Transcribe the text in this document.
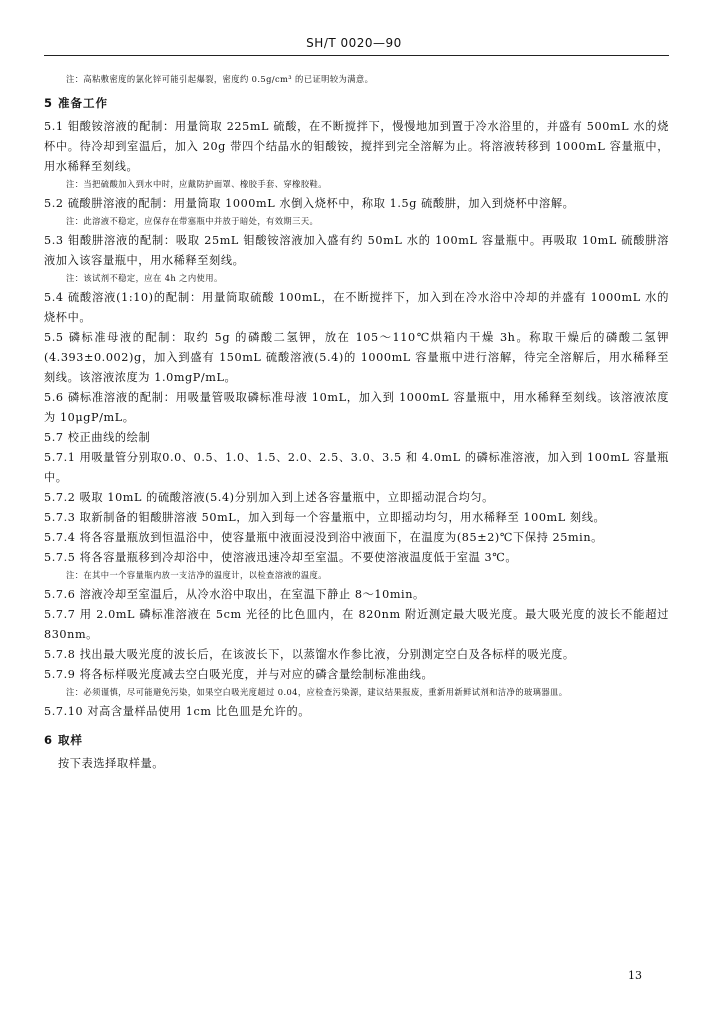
SH/T 0020—90

注：高粘敷密度的氯化锌可能引起爆裂，密度约 0.5g/cm³ 的已证明较为满意。

5 准备工作

5.1 钼酸铵溶液的配制：用量筒取 225mL 硫酸，在不断搅拌下，慢慢地加到置于冷水浴里的，并盛有 500mL 水的烧杯中。待冷却到室温后，加入 20g 带四个结晶水的钼酸铵，搅拌到完全溶解为止。将溶液转移到 1000mL 容量瓶中，用水稀释至刻线。

注：当把硫酸加入到水中时，应戴防护面罩、橡胶手套、穿橡胶鞋。

5.2 硫酸肼溶液的配制：用量筒取 1000mL 水倒入烧杯中，称取 1.5g 硫酸肼，加入到烧杯中溶解。

注：此溶液不稳定，应保存在带塞瓶中并放于暗处，有效期三天。

5.3 钼酸肼溶液的配制：吸取 25mL 钼酸铵溶液加入盛有约 50mL 水的 100mL 容量瓶中。再吸取 10mL 硫酸肼溶液加入该容量瓶中，用水稀释至刻线。

注：该试剂不稳定，应在 4h 之内使用。

5.4 硫酸溶液(1:10)的配制：用量筒取硫酸 100mL，在不断搅拌下，加入到在冷水浴中冷却的并盛有 1000mL 水的烧杯中。

5.5 磷标准母液的配制：取约 5g 的磷酸二氢钾，放在 105～110℃烘箱内干燥 3h。称取干燥后的磷酸二氢钾(4.393±0.002)g，加入到盛有 150mL 硫酸溶液(5.4)的 1000mL 容量瓶中进行溶解，待完全溶解后，用水稀释至刻线。该溶液浓度为 1.0mgP/mL。

5.6 磷标准溶液的配制：用吸量管吸取磷标准母液 10mL，加入到 1000mL 容量瓶中，用水稀释至刻线。该溶液浓度为 10μgP/mL。

5.7 校正曲线的绘制

5.7.1 用吸量管分别取0.0、0.5、1.0、1.5、2.0、2.5、3.0、3.5 和 4.0mL 的磷标准溶液，加入到 100mL 容量瓶中。

5.7.2 吸取 10mL 的硫酸溶液(5.4)分别加入到上述各容量瓶中，立即摇动混合均匀。

5.7.3 取新制备的钼酸肼溶液 50mL，加入到每一个容量瓶中，立即摇动均匀，用水稀释至 100mL 刻线。

5.7.4 将各容量瓶放到恒温浴中，使容量瓶中液面浸没到浴中液面下，在温度为(85±2)℃下保持 25min。

5.7.5 将各容量瓶移到冷却浴中，使溶液迅速冷却至室温。不要使溶液温度低于室温 3℃。

注：在其中一个容量瓶内放一支洁净的温度计，以检查溶液的温度。

5.7.6 溶液冷却至室温后，从冷水浴中取出，在室温下静止 8～10min。

5.7.7 用 2.0mL 磷标准溶液在 5cm 光径的比色皿内，在 820nm 附近测定最大吸光度。最大吸光度的波长不能超过 830nm。

5.7.8 找出最大吸光度的波长后，在该波长下，以蒸馏水作参比液，分别测定空白及各标样的吸光度。

5.7.9 将各标样吸光度减去空白吸光度，并与对应的磷含量绘制标准曲线。

注：必须谨慎，尽可能避免污染，如果空白吸光度超过 0.04，应检查污染源，建议结果报废，重新用新鲜试剂和洁净的玻璃器皿。

5.7.10 对高含量样品使用 1cm 比色皿是允许的。

6 取样

按下表选择取样量。

13
